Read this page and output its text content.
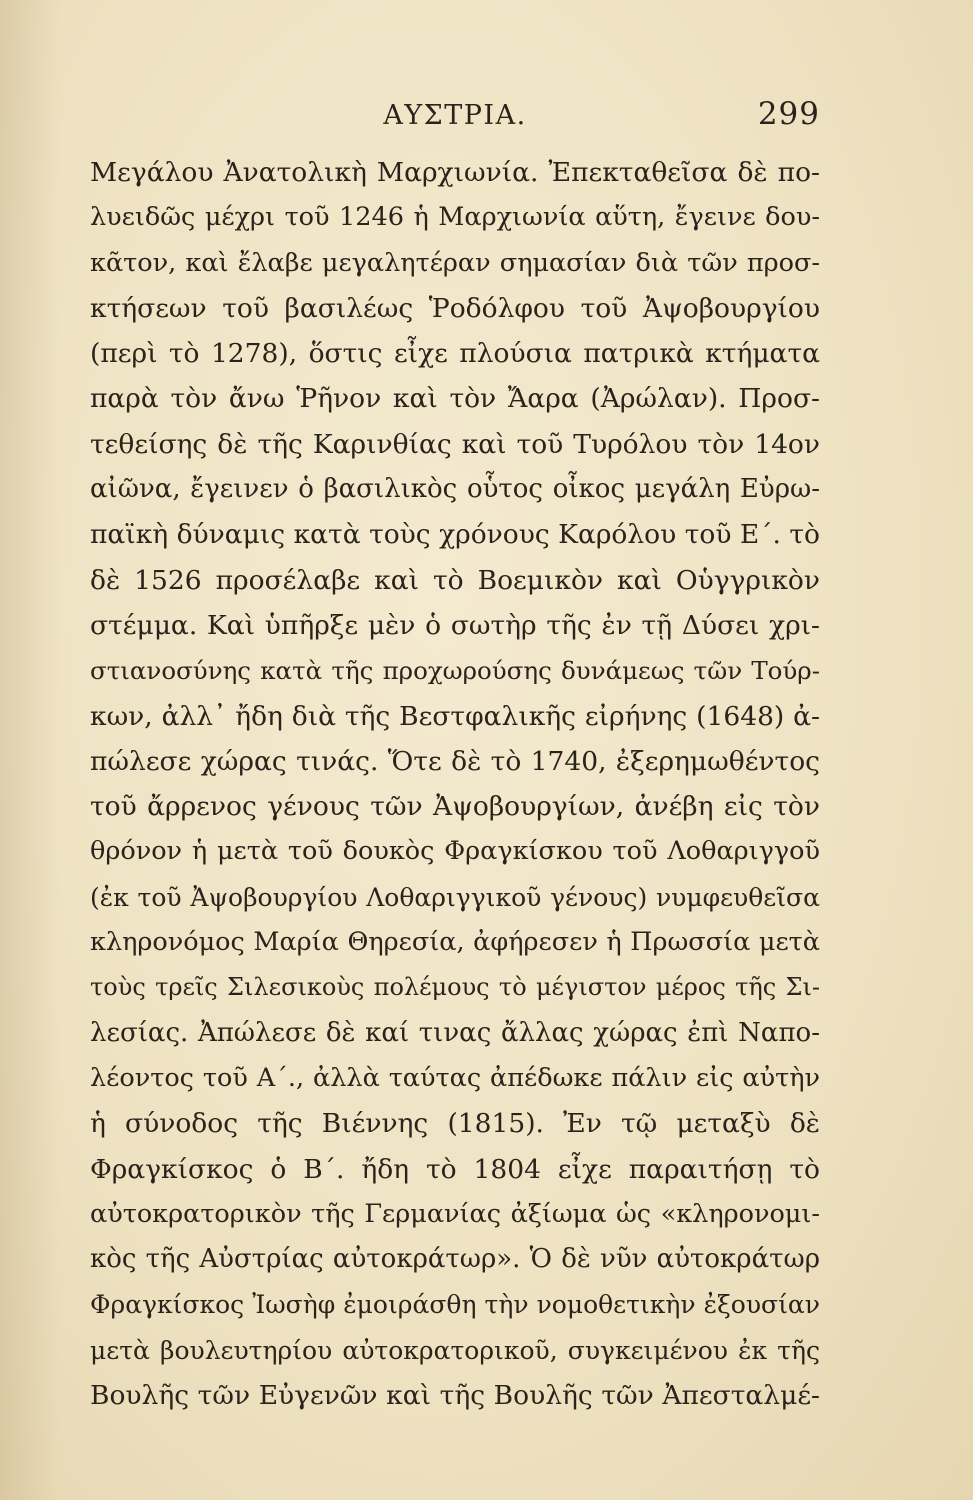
ΑΥΣΤΡΙΑ.	299
Μεγάλου Ἀνατολικὴ Μαρχιωνία. Ἐπεκταθεῖσα δὲ πο-
λυειδῶς μέχρι τοῦ 1246 ἡ Μαρχιωνία αὕτη, ἔγεινε δου-
κᾶτον, καὶ ἔλαβε μεγαλητέραν σημασίαν διὰ τῶν προσ-
κτήσεων τοῦ βασιλέως Ῥοδόλφου τοῦ Ἀψοβουργίου
(περὶ τὸ 1278), ὅστις εἶχε πλούσια πατρικὰ κτήματα
παρὰ τὸν ἄνω Ῥῆνον καὶ τὸν Ἄαρα (Ἀρώλαν). Προσ-
τεθείσης δὲ τῆς Καρινθίας καὶ τοῦ Τυρόλου τὸν 14ον
αἰῶνα, ἔγεινεν ὁ βασιλικὸς οὗτος οἶκος μεγάλη Εὐρω-
παϊκὴ δύναμις κατὰ τοὺς χρόνους Καρόλου τοῦ Ε΄. τὸ
δὲ 1526 προσέλαβε καὶ τὸ Βοεμικὸν καὶ Οὑγγρικὸν
στέμμα. Καὶ ὑπῆρξε μὲν ὁ σωτὴρ τῆς ἐν τῇ Δύσει χρι-
στιανοσύνης κατὰ τῆς προχωρούσης δυνάμεως τῶν Τούρ-
κων, ἀλλ᾽ ἤδη διὰ τῆς Βεστφαλικῆς εἰρήνης (1648) ἀ-
πώλεσε χώρας τινάς. Ὅτε δὲ τὸ 1740, ἐξερημωθέντος
τοῦ ἄρρενος γένους τῶν Ἀψοβουργίων, ἀνέβη εἰς τὸν
θρόνον ἡ μετὰ τοῦ δουκὸς Φραγκίσκου τοῦ Λοθαριγγοῦ
(ἐκ τοῦ Ἀψοβουργίου Λοθαριγγικοῦ γένους) νυμφευθεῖσα
κληρονόμος Μαρία Θηρεσία, ἀφήρεσεν ἡ Πρωσσία μετὰ
τοὺς τρεῖς Σιλεσικοὺς πολέμους τὸ μέγιστον μέρος τῆς Σι-
λεσίας. Ἀπώλεσε δὲ καί τινας ἄλλας χώρας ἐπὶ Ναπο-
λέοντος τοῦ Α΄., ἀλλὰ ταύτας ἀπέδωκε πάλιν εἰς αὐτὴν
ἡ σύνοδος τῆς Βιέννης (1815). Ἐν τῷ μεταξὺ δὲ
Φραγκίσκος ὁ Β΄. ἤδη τὸ 1804 εἶχε παραιτήσῃ τὸ
αὐτοκρατορικὸν τῆς Γερμανίας ἀξίωμα ὡς «κληρονομι-
κὸς τῆς Αὐστρίας αὐτοκράτωρ». Ὁ δὲ νῦν αὐτοκράτωρ
Φραγκίσκος Ἰωσὴφ ἐμοιράσθη τὴν νομοθετικὴν ἐξουσίαν
μετὰ βουλευτηρίου αὐτοκρατορικοῦ, συγκειμένου ἐκ τῆς
Βουλῆς τῶν Εὐγενῶν καὶ τῆς Βουλῆς τῶν Ἀπεσταλμέ-
